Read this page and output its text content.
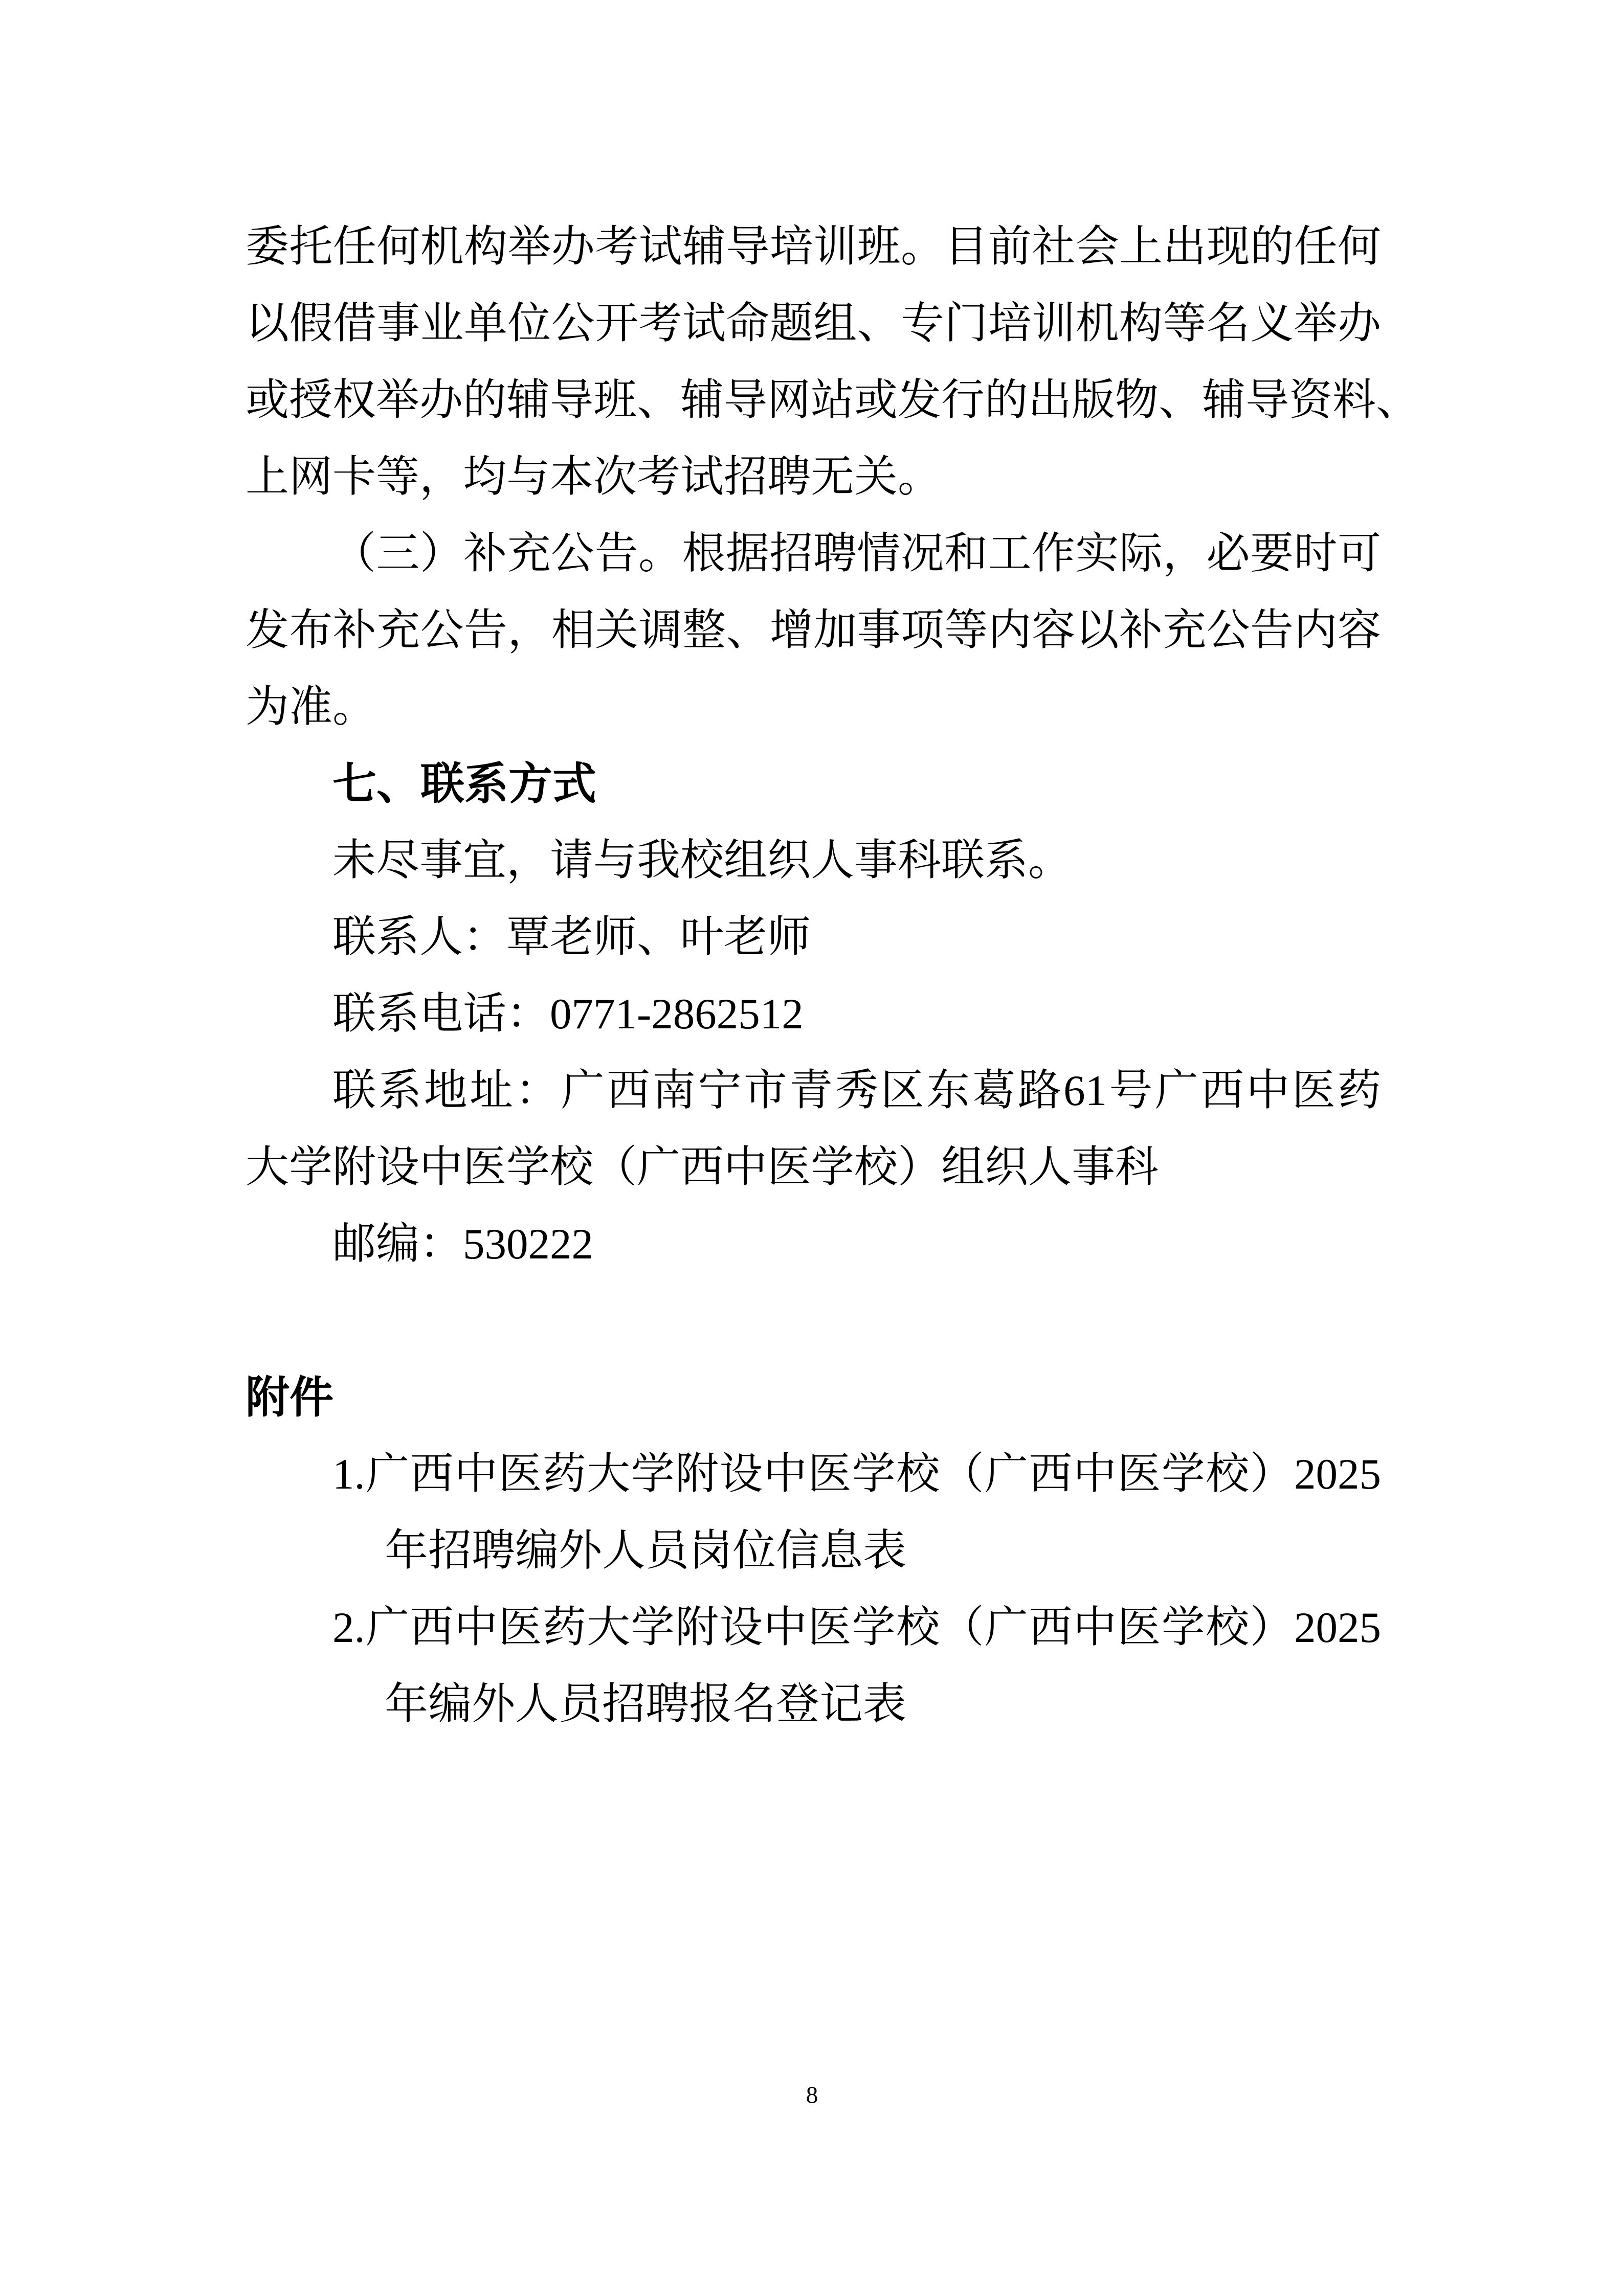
委托任何机构举办考试辅导培训班。目前社会上出现的任何
以假借事业单位公开考试命题组、专门培训机构等名义举办
或授权举办的辅导班、辅导网站或发行的出版物、辅导资料、
上网卡等，均与本次考试招聘无关。
（三）补充公告。根据招聘情况和工作实际，必要时可
发布补充公告，相关调整、增加事项等内容以补充公告内容
为准。
七、联系方式
未尽事宜，请与我校组织人事科联系。
联系人：覃老师、叶老师
联系电话：0771-2862512
联系地址：广西南宁市青秀区东葛路61号广西中医药
大学附设中医学校（广西中医学校）组织人事科
邮编：530222
附件
1.广西中医药大学附设中医学校（广西中医学校）2025
年招聘编外人员岗位信息表
2.广西中医药大学附设中医学校（广西中医学校）2025
年编外人员招聘报名登记表
8
